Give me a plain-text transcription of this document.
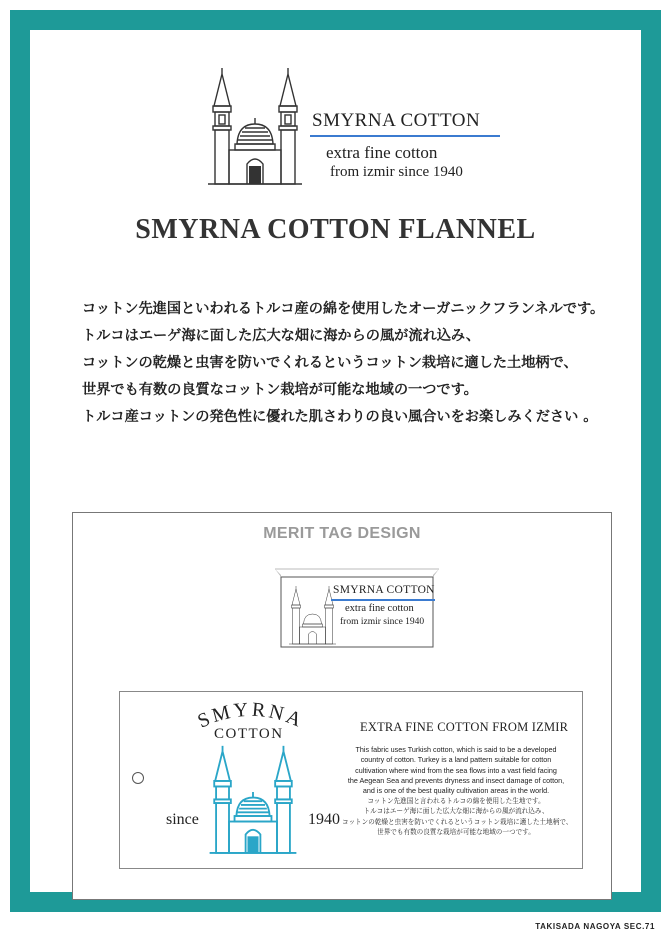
SMYRNA COTTON
extra fine cotton
from izmir since 1940
SMYRNA COTTON FLANNEL
コットン先進国といわれるトルコ産の綿を使用したオーガニックフランネルです。
トルコはエーゲ海に面した広大な畑に海からの風が流れ込み、
コットンの乾燥と虫害を防いでくれるというコットン栽培に適した土地柄で、
世界でも有数の良質なコットン栽培が可能な地域の一つです。
トルコ産コットンの発色性に優れた肌さわりの良い風合いをお楽しみください 。
MERIT TAG DESIGN
SMYRNA COTTON
extra fine cotton
from izmir since 1940
SMYRNA
COTTON
since	1940
EXTRA FINE COTTON FROM IZMIR
This fabric uses Turkish cotton, which is said to be a developed
country of cotton. Turkey is a land pattern suitable for cotton
cultivation where wind from the sea flows into a vast field facing
the Aegean Sea and prevents dryness and insect damage of cotton,
and is one of the best quality cultivation areas in the world.
コットン先進国と言われるトルコの綿を使用した生地です。
トルコはエーゲ海に面した広大な畑に海からの風が流れ込み、
コットンの乾燥と虫害を防いでくれるというコットン栽培に適した土地柄で、
世界でも有数の良質な栽培が可能な地域の一つです。
TAKISADA NAGOYA SEC.71
